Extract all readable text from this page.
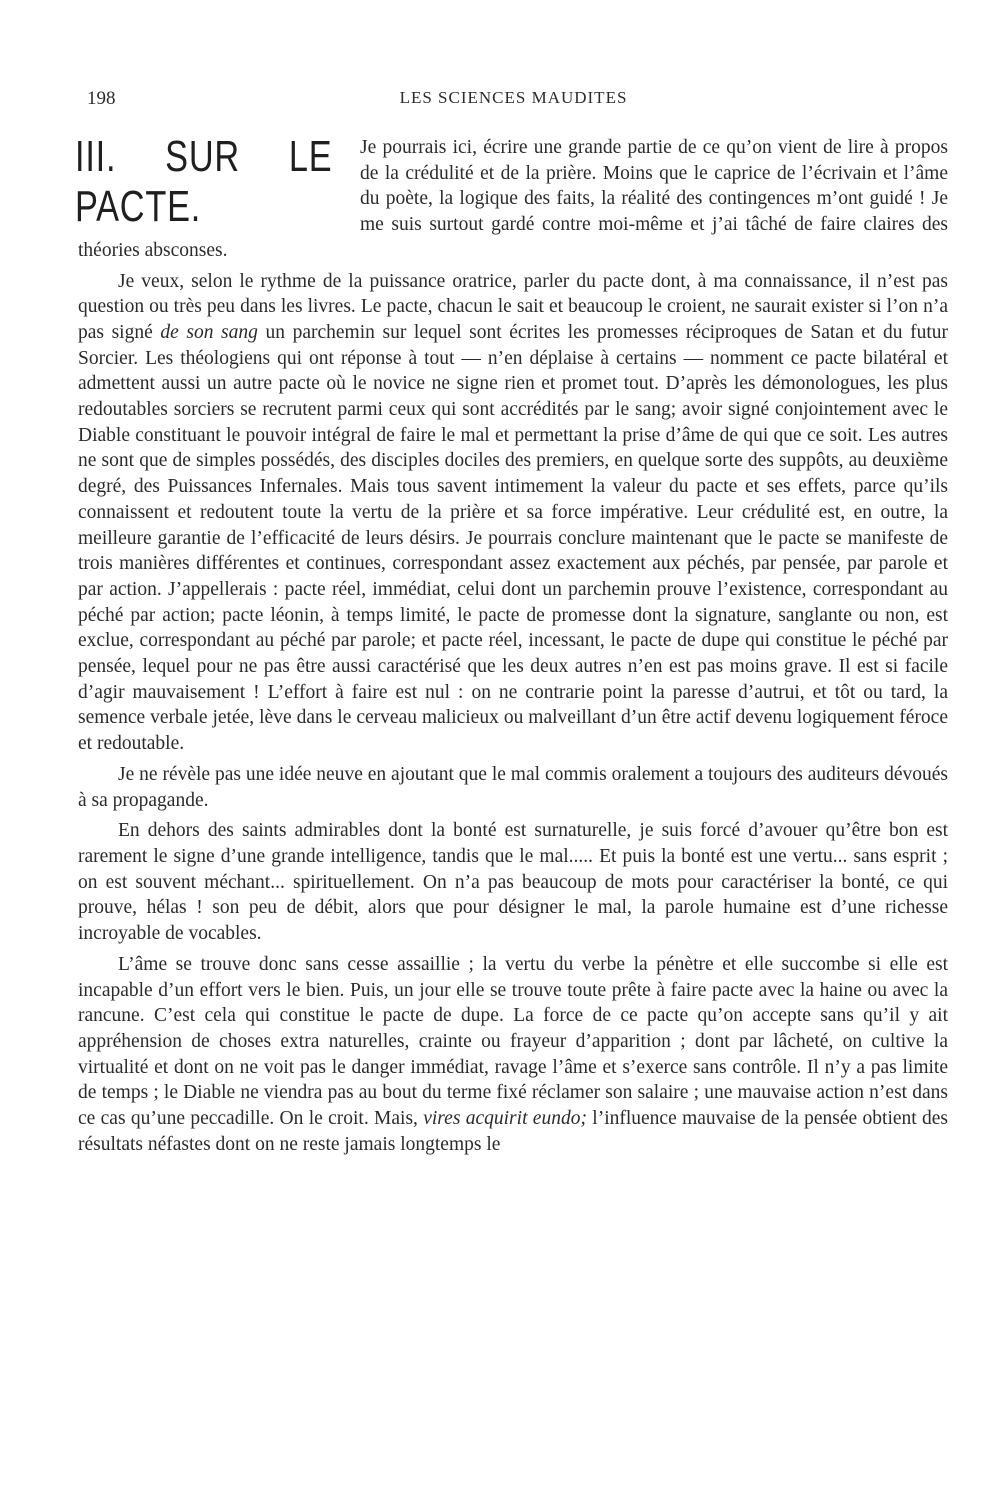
198	LES SCIENCES MAUDITES

III. SUR LE PACTE.
Je pourrais ici, écrire une grande partie de ce qu’on vient de lire à propos de la crédulité et de la prière. Moins que le caprice de l’écrivain et l’âme du poète, la logique des faits, la réalité des contingences m’ont guidé ! Je me suis surtout gardé contre moi-même et j’ai tâché de faire claires des théories absconses.

Je veux, selon le rythme de la puissance oratrice, parler du pacte dont, à ma connaissance, il n’est pas question ou très peu dans les livres. Le pacte, chacun le sait et beaucoup le croient, ne saurait exister si l’on n’a pas signé de son sang un parchemin sur lequel sont écrites les promesses réciproques de Satan et du futur Sorcier. Les théologiens qui ont réponse à tout — n’en déplaise à certains — nomment ce pacte bilatéral et admettent aussi un autre pacte où le novice ne signe rien et promet tout. D’après les démonologues, les plus redoutables sorciers se recrutent parmi ceux qui sont accrédités par le sang; avoir signé conjointement avec le Diable constituant le pouvoir intégral de faire le mal et permettant la prise d’âme de qui que ce soit. Les autres ne sont que de simples possédés, des disciples dociles des premiers, en quelque sorte des suppôts, au deuxième degré, des Puissances Infernales. Mais tous savent intimement la valeur du pacte et ses effets, parce qu’ils connaissent et redoutent toute la vertu de la prière et sa force impérative. Leur crédulité est, en outre, la meilleure garantie de l’efficacité de leurs désirs. Je pourrais conclure maintenant que le pacte se manifeste de trois manières différentes et continues, correspondant assez exactement aux péchés, par pensée, par parole et par action. J’appellerais : pacte réel, immédiat, celui dont un parchemin prouve l’existence, correspondant au péché par action; pacte léonin, à temps limité, le pacte de promesse dont la signature, sanglante ou non, est exclue, correspondant au péché par parole; et pacte réel, incessant, le pacte de dupe qui constitue le péché par pensée, lequel pour ne pas être aussi caractérisé que les deux autres n’en est pas moins grave. Il est si facile d’agir mauvaisement ! L’effort à faire est nul : on ne contrarie point la paresse d’autrui, et tôt ou tard, la semence verbale jetée, lève dans le cerveau malicieux ou malveillant d’un être actif devenu logiquement féroce et redoutable.

Je ne révèle pas une idée neuve en ajoutant que le mal commis oralement a toujours des auditeurs dévoués à sa propagande.

En dehors des saints admirables dont la bonté est surnaturelle, je suis forcé d’avouer qu’être bon est rarement le signe d’une grande intelligence, tandis que le mal..... Et puis la bonté est une vertu... sans esprit ; on est souvent méchant... spirituellement. On n’a pas beaucoup de mots pour caractériser la bonté, ce qui prouve, hélas ! son peu de débit, alors que pour désigner le mal, la parole humaine est d’une richesse incroyable de vocables.

L’âme se trouve donc sans cesse assaillie ; la vertu du verbe la pénètre et elle succombe si elle est incapable d’un effort vers le bien. Puis, un jour elle se trouve toute prête à faire pacte avec la haine ou avec la rancune. C’est cela qui constitue le pacte de dupe. La force de ce pacte qu’on accepte sans qu’il y ait appréhension de choses extra naturelles, crainte ou frayeur d’apparition ; dont par lâcheté, on cultive la virtualité et dont on ne voit pas le danger immédiat, ravage l’âme et s’exerce sans contrôle. Il n’y a pas limite de temps ; le Diable ne viendra pas au bout du terme fixé réclamer son salaire ; une mauvaise action n’est dans ce cas qu’une peccadille. On le croit. Mais, vires acquirit eundo; l’influence mauvaise de la pensée obtient des résultats néfastes dont on ne reste jamais longtemps le
